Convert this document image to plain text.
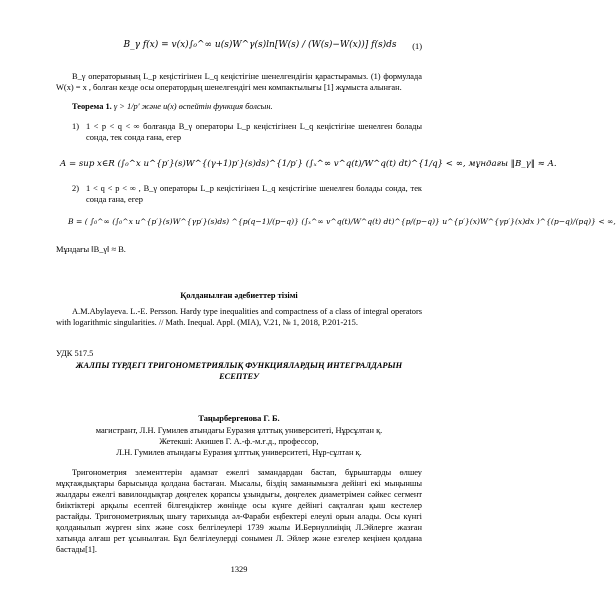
B_γ f(x) = v(x)∫₀^∞ u(s)W^γ(s)ln[W(s) / (W(s)−W(x))] f(s)ds	(1)
B_γ операторының L_p кеңістігінен L_q кеңістігіне шенелгендігін қарастырамыз. (1) формулада W(x) = x , болған кезде осы оператордың шенелгендігі мен компактылығы [1] жұмыста алынған.
Теорема 1. γ > 1/p′ және u(x) өспейтін функция болсын.
1) 1 < p < q < ∞ болғанда B_γ операторы L_p кеңістігінен L_q кеңістігіне шенелген болады сонда, тек сонда ғана, егер
A = sup x∈R (∫₀^x u^{p′}(s)W^{(γ+1)p′}(s)ds)^{1/p′} (∫ₓ^∞ v^q(t)/W^q(t) dt)^{1/q} < ∞, мұндағы ‖B_γ‖ ≈ A.
2) 1 < q < p < ∞ , B_γ операторы L_p кеңістігінен L_q кеңістігіне шенелген болады сонда, тек сонда ғана, егер
B = ( ∫₀^∞ (∫₀^x u^{p′}(s)W^{γp′}(s)ds) ^{p(q−1)/(p−q)} (∫ₓ^∞ v^q(t)/W^q(t) dt)^{p/(p−q)} u^{p′}(x)W^{γp′}(x)dx )^{(p−q)/(pq)} < ∞,
Мұндағы ‖B_γ‖ ≈ B.
Қолданылған әдебиеттер тізімі
A.M.Abylayeva. L.-E. Persson. Hardy type inequalities and compactness of a class of integral operators with logarithmic singularities. // Math. Inequal. Appl. (MIA), V.21, № 1, 2018, P.201-215.
УДК 517.5
ЖАЛПЫ ТҮРДЕГІ ТРИГОНОМЕТРИЯЛЫҚ ФУНКЦИЯЛАРДЫҢ ИНТЕГРАЛДАРЫН ЕСЕПТЕУ
Таңырбергенова Г. Б.
магистрант, Л.Н. Гумилев атындағы Еуразия ұлттық университеті, Нұрсұлтан қ.
Жетекші: Акишев Г. А.-ф.-м.ғ.д., профессор,
Л.Н. Гумилев атындағы Еуразия ұлттық университеті, Нұр-сұлтан қ.
Тригонометрия элементтерін адамзат ежелгі замандардан бастап, бұрыштарды өлшеу мұқтаждықтары барысында қолдана бастаған. Мысалы, біздің заманымызға дейінгі екі мыңыншы жылдары ежелгі вавилондықтар дөңгелек қорапсы ұзындығы, дөңгелек диаметрімен сәйкес сегмент биіктіктері арқылы есептей білгендіктер жөнінде осы күнге дейінгі сақталған қыш кестелер растайды. Тригонометриялық шығу тарихында әл-Фараби еңбектері елеулі орын алады. Осы күнгі қолданылып жүрген sinx және cosx белгілеулері 1739 жылы И.Бернуллиіңің Л.Эйлерге жазған хатында алғаш рет ұсынылған. Бұл белгілеулерді сонымен Л. Эйлер және езгелер кеңінен қолдана бастады[1].
1329
